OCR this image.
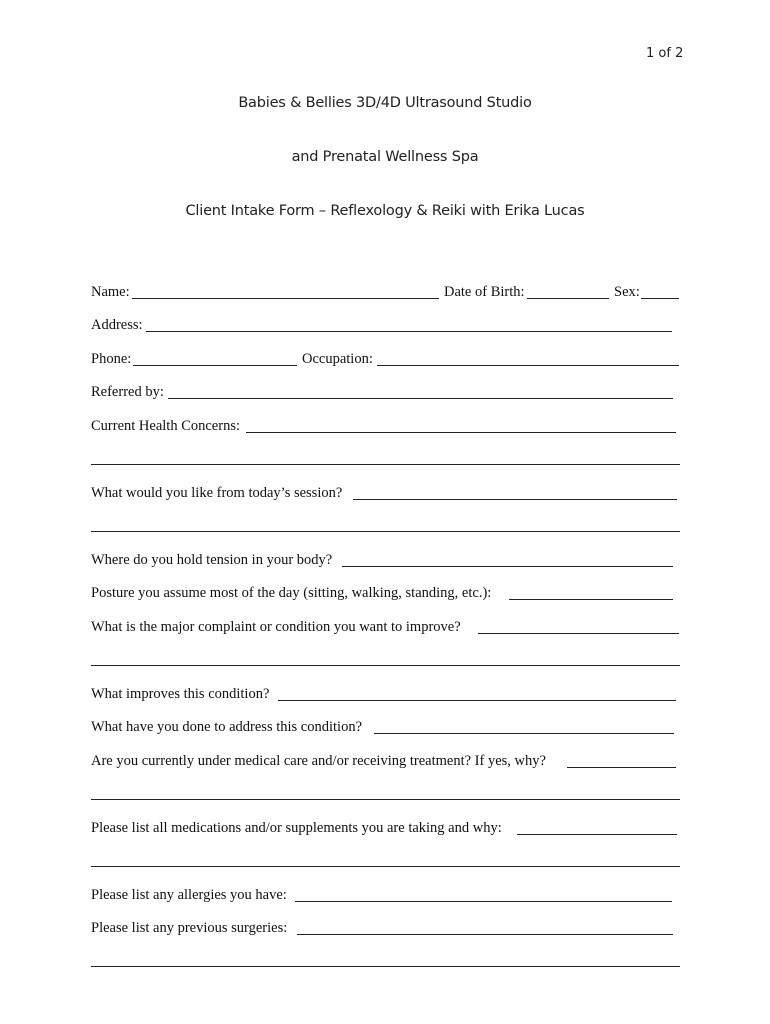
1 of 2
Babies & Bellies 3D/4D Ultrasound Studio
and Prenatal Wellness Spa
Client Intake Form – Reflexology & Reiki with Erika Lucas
Name:	Date of Birth:	Sex:
Address:
Phone:	Occupation:
Referred by:
Current Health Concerns:
What would you like from today’s session?
Where do you hold tension in your body?
Posture you assume most of the day (sitting, walking, standing, etc.):
What is the major complaint or condition you want to improve?
What improves this condition?
What have you done to address this condition?
Are you currently under medical care and/or receiving treatment? If yes, why?
Please list all medications and/or supplements you are taking and why:
Please list any allergies you have:
Please list any previous surgeries:
